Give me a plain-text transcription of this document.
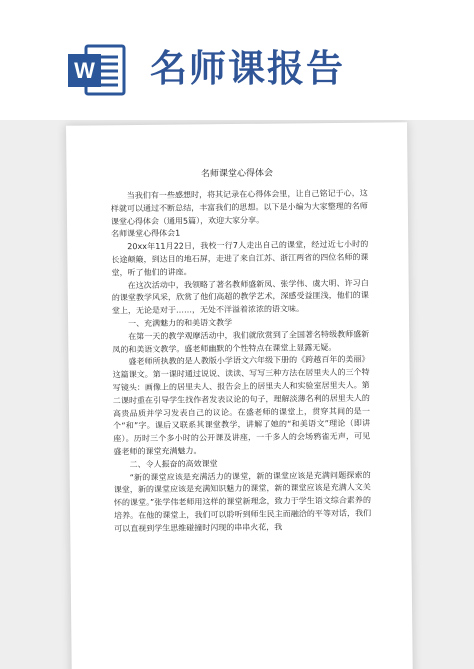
W 名师课报告
名师课堂心得体会

当我们有一些感想时，将其记录在心得体会里，让自己铭记于心，这样就可以通过不断总结，丰富我们的思想。以下是小编为大家整理的名师课堂心得体会（通用5篇），欢迎大家分享。

名师课堂心得体会1

20xx年11月22日，我校一行7人走出自己的课堂，经过近七小时的长途颠簸，到达目的地石屏，走进了来自江苏、浙江两省的四位名师的课堂，听了他们的讲座。

在这次活动中，我领略了著名教师盛新凤、张学伟、虞大明、许习白的课堂教学风采，欣赏了他们高超的教学艺术，深感受益匪浅，他们的课堂上，无论是对于……，无处不洋溢着浓浓的语文味。

一、充满魅力的和美语文教学

在第一天的教学观摩活动中，我们就欣赏到了全国著名特级教师盛新凤的和美语文教学。盛老师幽默的个性特点在课堂上显露无疑。

盛老师所执教的是人教版小学语文六年级下册的《跨越百年的美丽》这篇课文。第一课时通过说说、读读、写写三种方法在居里夫人的三个特写镜头：画像上的居里夫人、报告会上的居里夫人和实验室居里夫人。第二课时重在引导学生找作者发表议论的句子，理解淡薄名利的居里夫人的高贵品质并学习发表自己的议论。在盛老师的课堂上，贯穿其间的是一个“和”字。课后又联系其课堂教学，讲解了她的“和美语文”理论（即讲座）。历时三个多小时的公开课及讲座，一千多人的会场鸦雀无声，可见盛老师的课堂充满魅力。

二、令人振奋的高效课堂

“新的课堂应该是充满活力的课堂，新的课堂应该是充满问题探索的课堂，新的课堂应该是充满知识魅力的课堂，新的课堂应该是充满人文关怀的课堂。”张学伟老师用这样的课堂新理念，致力于学生语文综合素养的培养。在他的课堂上，我们可以聆听到师生民主而融洽的平等对话，我们可以直视到学生思维碰撞时闪现的串串火花，我
